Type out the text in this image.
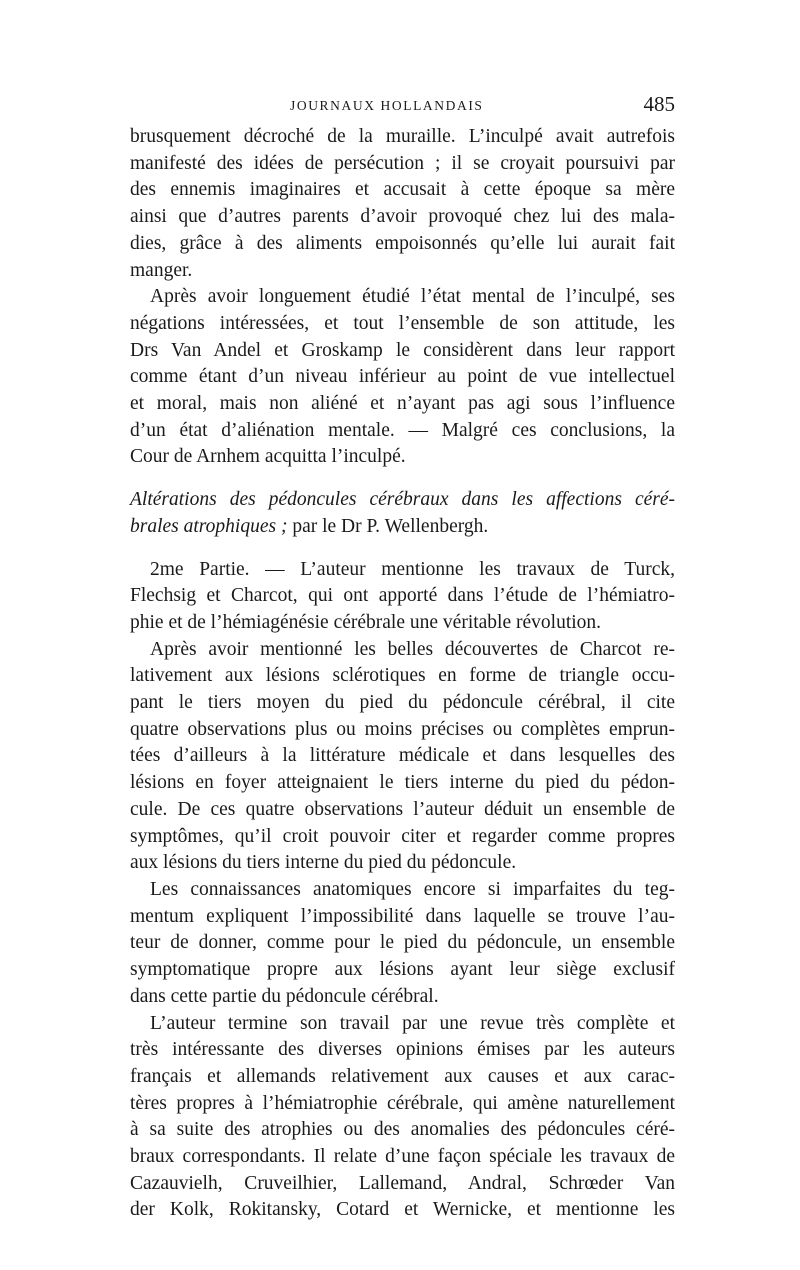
JOURNAUX HOLLANDAIS	485

brusquement décroché de la muraille. L’inculpé avait autrefois
manifesté des idées de persécution ; il se croyait poursuivi par
des ennemis imaginaires et accusait à cette époque sa mère
ainsi que d’autres parents d’avoir provoqué chez lui des mala-
dies, grâce à des aliments empoisonnés qu’elle lui aurait fait
manger.

Après avoir longuement étudié l’état mental de l’inculpé, ses
négations intéressées, et tout l’ensemble de son attitude, les
Drs Van Andel et Groskamp le considèrent dans leur rapport
comme étant d’un niveau inférieur au point de vue intellectuel
et moral, mais non aliéné et n’ayant pas agi sous l’influence
d’un état d’aliénation mentale. — Malgré ces conclusions, la
Cour de Arnhem acquitta l’inculpé.

Altérations des pédoncules cérébraux dans les affections céré-
brales atrophiques ; par le Dr P. Wellenbergh.

2me Partie. — L’auteur mentionne les travaux de Turck,
Flechsig et Charcot, qui ont apporté dans l’étude de l’hémiatro-
phie et de l’hémiagénésie cérébrale une véritable révolution.

Après avoir mentionné les belles découvertes de Charcot re-
lativement aux lésions sclérotiques en forme de triangle occu-
pant le tiers moyen du pied du pédoncule cérébral, il cite
quatre observations plus ou moins précises ou complètes emprun-
tées d’ailleurs à la littérature médicale et dans lesquelles des
lésions en foyer atteignaient le tiers interne du pied du pédon-
cule. De ces quatre observations l’auteur déduit un ensemble de
symptômes, qu’il croit pouvoir citer et regarder comme propres
aux lésions du tiers interne du pied du pédoncule.

Les connaissances anatomiques encore si imparfaites du teg-
mentum expliquent l’impossibilité dans laquelle se trouve l’au-
teur de donner, comme pour le pied du pédoncule, un ensemble
symptomatique propre aux lésions ayant leur siège exclusif
dans cette partie du pédoncule cérébral.

L’auteur termine son travail par une revue très complète et
très intéressante des diverses opinions émises par les auteurs
français et allemands relativement aux causes et aux carac-
tères propres à l’hémiatrophie cérébrale, qui amène naturellement
à sa suite des atrophies ou des anomalies des pédoncules céré-
braux correspondants. Il relate d’une façon spéciale les travaux de
Cazauvielh, Cruveilhier, Lallemand, Andral, Schrœder Van
der Kolk, Rokitansky, Cotard et Wernicke, et mentionne les
